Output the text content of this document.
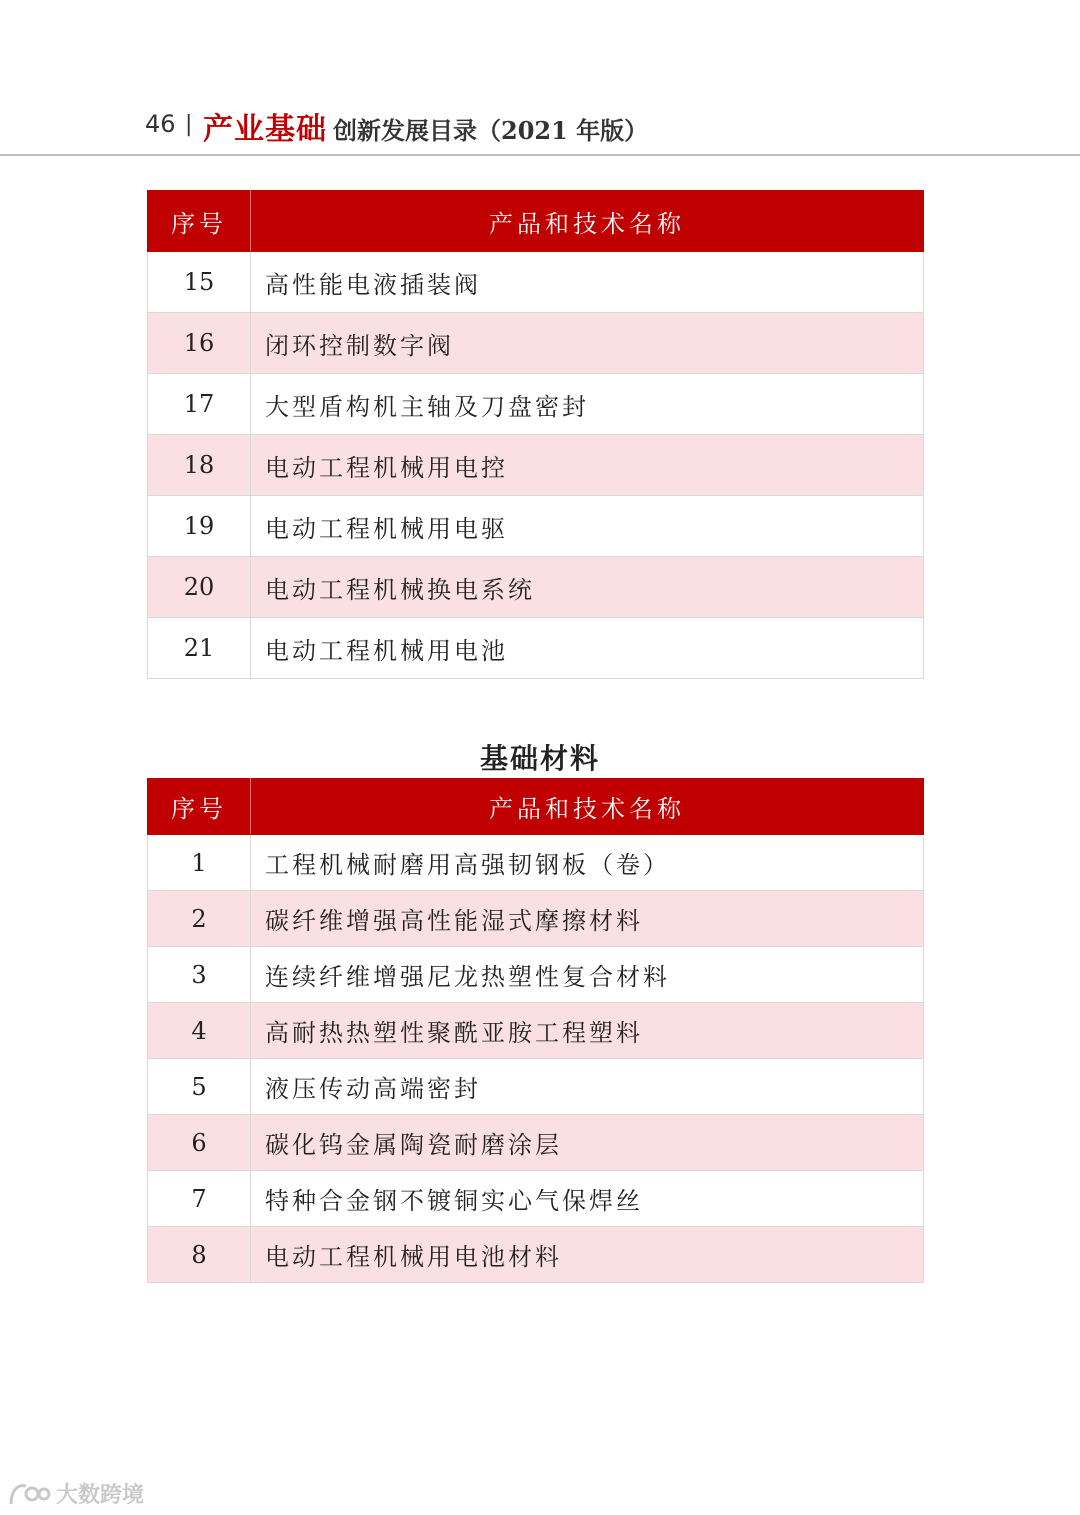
46 | 产业基础 创新发展目录（2021 年版）
序号	产品和技术名称
15	高性能电液插装阀
16	闭环控制数字阀
17	大型盾构机主轴及刀盘密封
18	电动工程机械用电控
19	电动工程机械用电驱
20	电动工程机械换电系统
21	电动工程机械用电池
基础材料
序号	产品和技术名称
1	工程机械耐磨用高强韧钢板（卷）
2	碳纤维增强高性能湿式摩擦材料
3	连续纤维增强尼龙热塑性复合材料
4	高耐热热塑性聚酰亚胺工程塑料
5	液压传动高端密封
6	碳化钨金属陶瓷耐磨涂层
7	特种合金钢不镀铜实心气保焊丝
8	电动工程机械用电池材料
大数跨境
